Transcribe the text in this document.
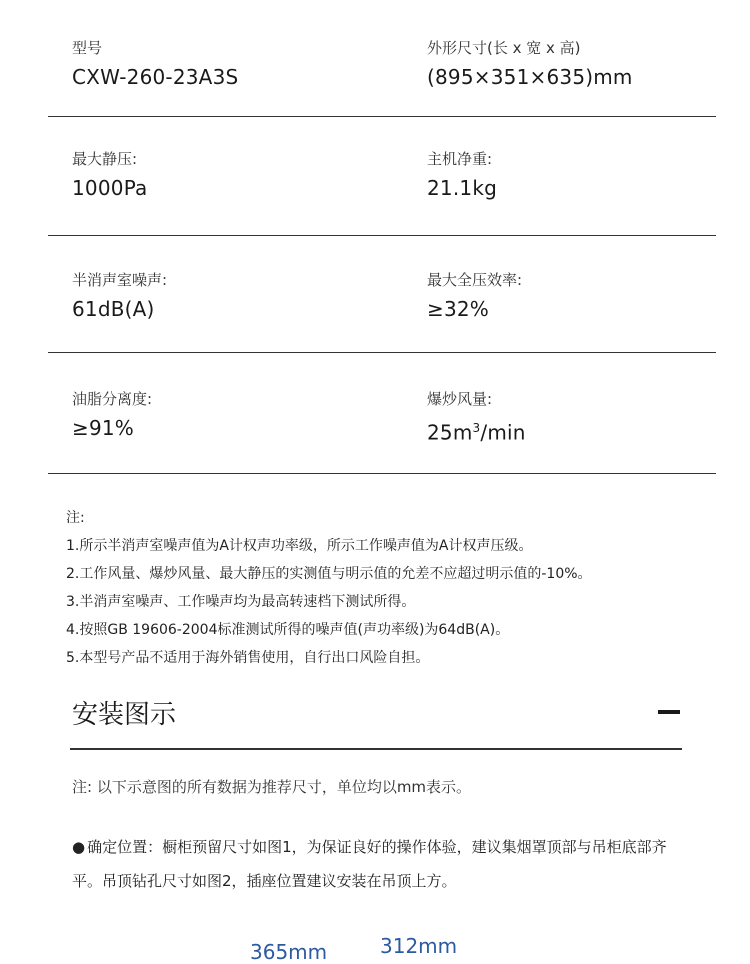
型号
CXW-260-23A3S
外形尺寸(长 x 宽 x 高)
(895×351×635)mm
最大静压:
1000Pa
主机净重:
21.1kg
半消声室噪声:
61dB(A)
最大全压效率:
≥32%
油脂分离度:
≥91%
爆炒风量:
$25m^3/\min$
注:
1.所示半消声室噪声值为A计权声功率级，所示工作噪声值为A计权声压级。
2.工作风量、爆炒风量、最大静压的实测值与明示值的允差不应超过明示值的-10%。
3.半消声室噪声、工作噪声均为最高转速档下测试所得。
4.按照GB 19606-2004标准测试所得的噪声值(声功率级)为64dB(A)。
5.本型号产品不适用于海外销售使用，自行出口风险自担。
安装图示
注: 以下示意图的所有数据为推荐尺寸，单位均以mm表示。
● 确定位置：橱柜预留尺寸如图1，为保证良好的操作体验，建议集烟罩顶部与吊柜底部齐平。吊顶钻孔尺寸如图2，插座位置建议安装在吊顶上方。
365mm	312mm
